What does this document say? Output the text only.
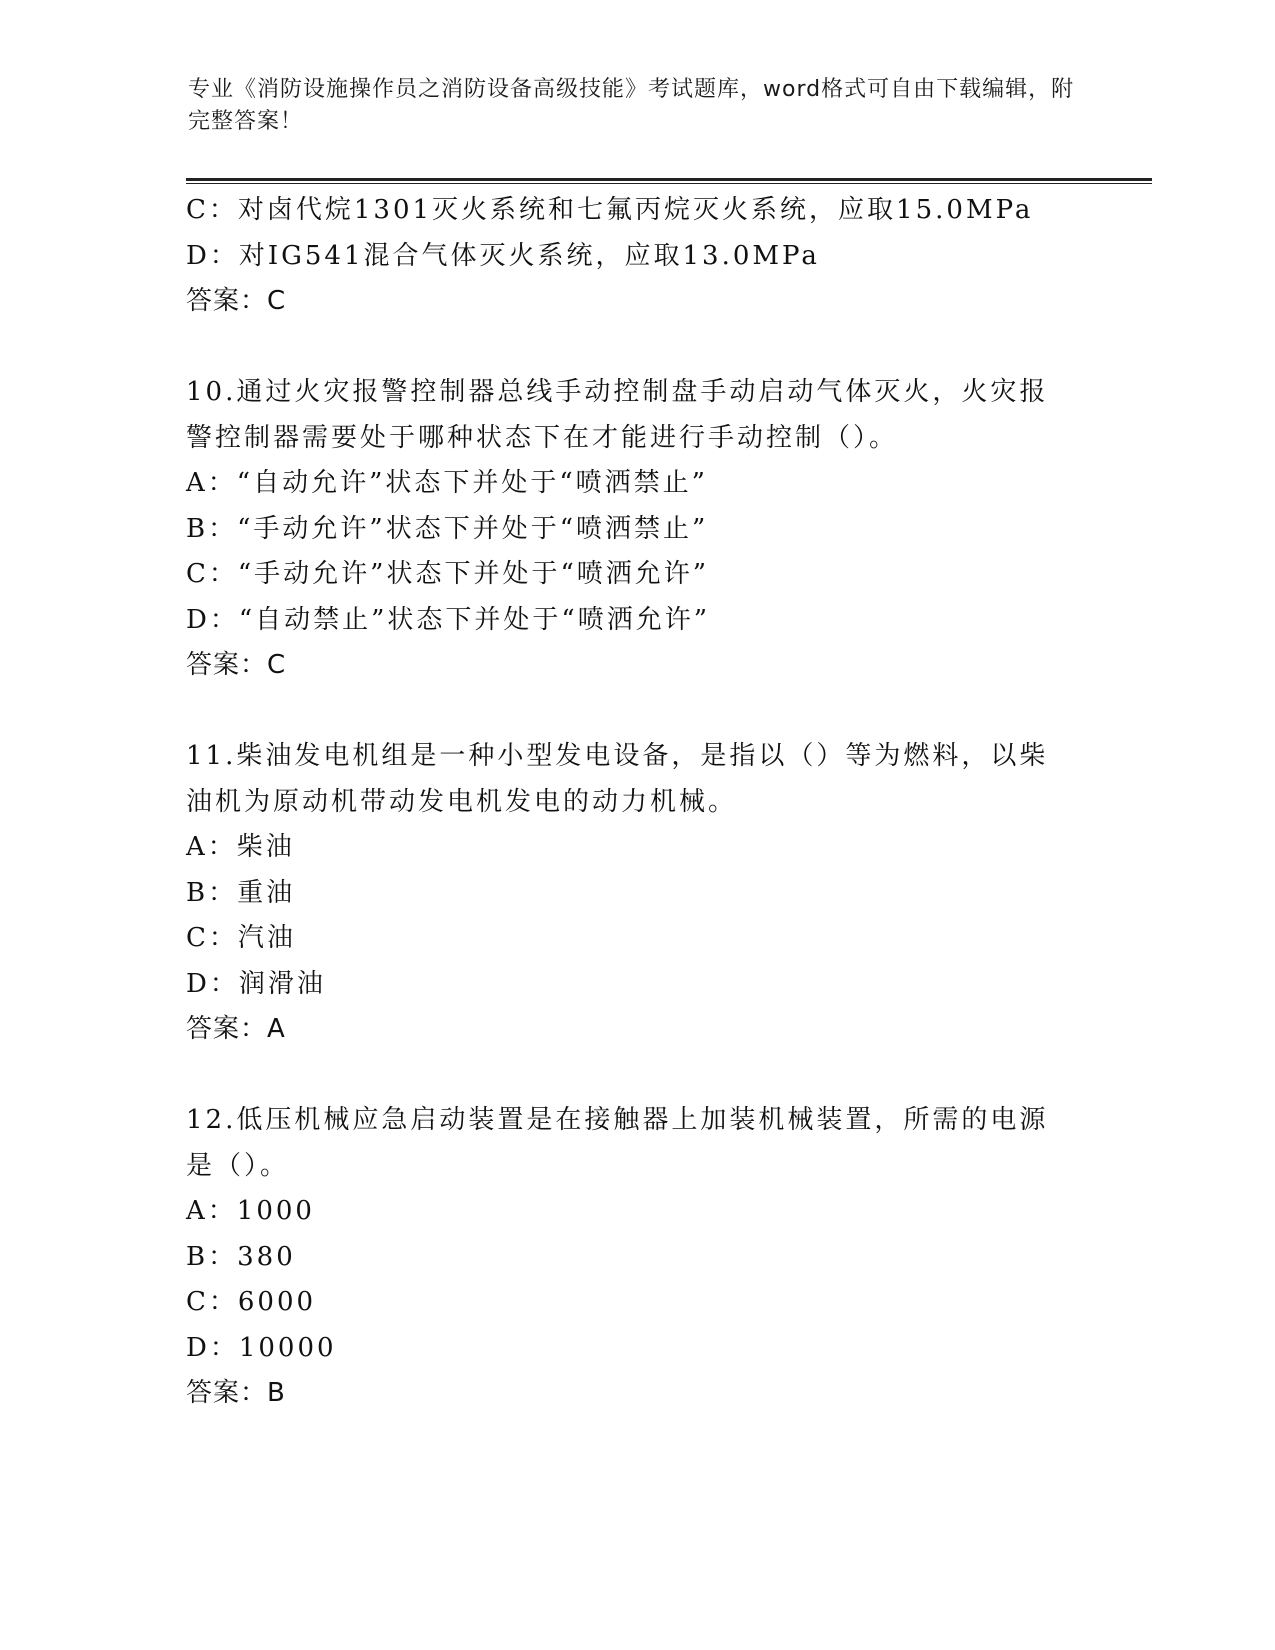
专业《消防设施操作员之消防设备高级技能》考试题库，word格式可自由下载编辑，附完整答案！
C：对卤代烷1301灭火系统和七氟丙烷灭火系统，应取15.0MPa
D：对IG541混合气体灭火系统，应取13.0MPa
答案：C
10.通过火灾报警控制器总线手动控制盘手动启动气体灭火，火灾报警控制器需要处于哪种状态下在才能进行手动控制（）。
A：“自动允许”状态下并处于“喷洒禁止”
B：“手动允许”状态下并处于“喷洒禁止”
C：“手动允许”状态下并处于“喷洒允许”
D：“自动禁止”状态下并处于“喷洒允许”
答案：C
11.柴油发电机组是一种小型发电设备，是指以（）等为燃料，以柴油机为原动机带动发电机发电的动力机械。
A：柴油
B：重油
C：汽油
D：润滑油
答案：A
12.低压机械应急启动装置是在接触器上加装机械装置，所需的电源是（）。
A：1000
B：380
C：6000
D：10000
答案：B
